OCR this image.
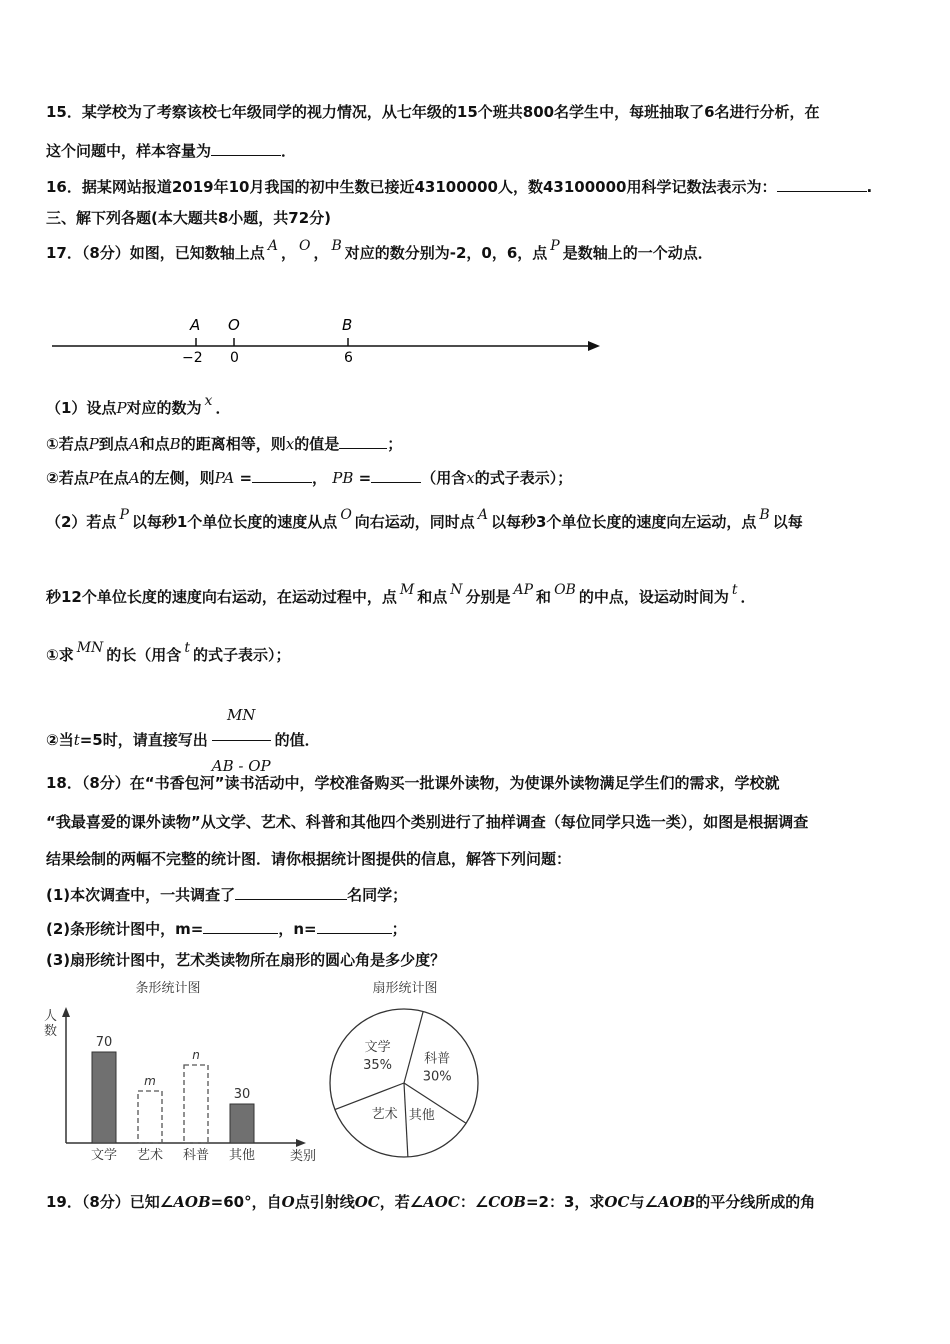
15．某学校为了考察该校七年级同学的视力情况，从七年级的15个班共800名学生中，每班抽取了6名进行分析，在
这个问题中，样本容量为	．
16．据某网站报道2019年10月我国的初中生数已接近43100000人，数43100000用科学记数法表示为：	.
三、解下列各题(本大题共8小题，共72分)
17．（8分）如图，已知数轴上点 A ， O ， B 对应的数分别为-2，0，6，点 P 是数轴上的一个动点．
A O	B
−2 0	6
（1）设点P对应的数为 x ．
①若点P到点A和点B的距离相等，则x的值是	；
②若点P在点A的左侧，则PA =	， PB =	（用含x的式子表示）；
（2）若点 P 以每秒1个单位长度的速度从点 O 向右运动，同时点 A 以每秒3个单位长度的速度向左运动，点 B 以每
秒12个单位长度的速度向右运动，在运动过程中，点 M 和点 N 分别是 AP 和 OB 的中点，设运动时间为 t ．
①求 MN 的长（用含 t 的式子表示）；
②当t=5时，请直接写出 $\frac{MN}{AB - OP}$ 的值．
18．（8分）在“书香包河”读书活动中，学校准备购买一批课外读物，为使课外读物满足学生们的需求，学校就
“我最喜爱的课外读物”从文学、艺术、科普和其他四个类别进行了抽样调查（每位同学只选一类），如图是根据调查
结果绘制的两幅不完整的统计图．请你根据统计图提供的信息，解答下列问题：
(1)本次调查中，一共调查了	名同学；
(2)条形统计图中，m=	，n=	；
(3)扇形统计图中，艺术类读物所在扇形的圆心角是多少度？
条形统计图
人
数
类别
70
文学
m
艺术
n
科普
30
其他
扇形统计图
科普
30%
其他
艺术
文学
35%
19．（8分）已知∠AOB=60°，自O点引射线OC，若∠AOC：∠COB=2：3，求OC与∠AOB的平分线所成的角
